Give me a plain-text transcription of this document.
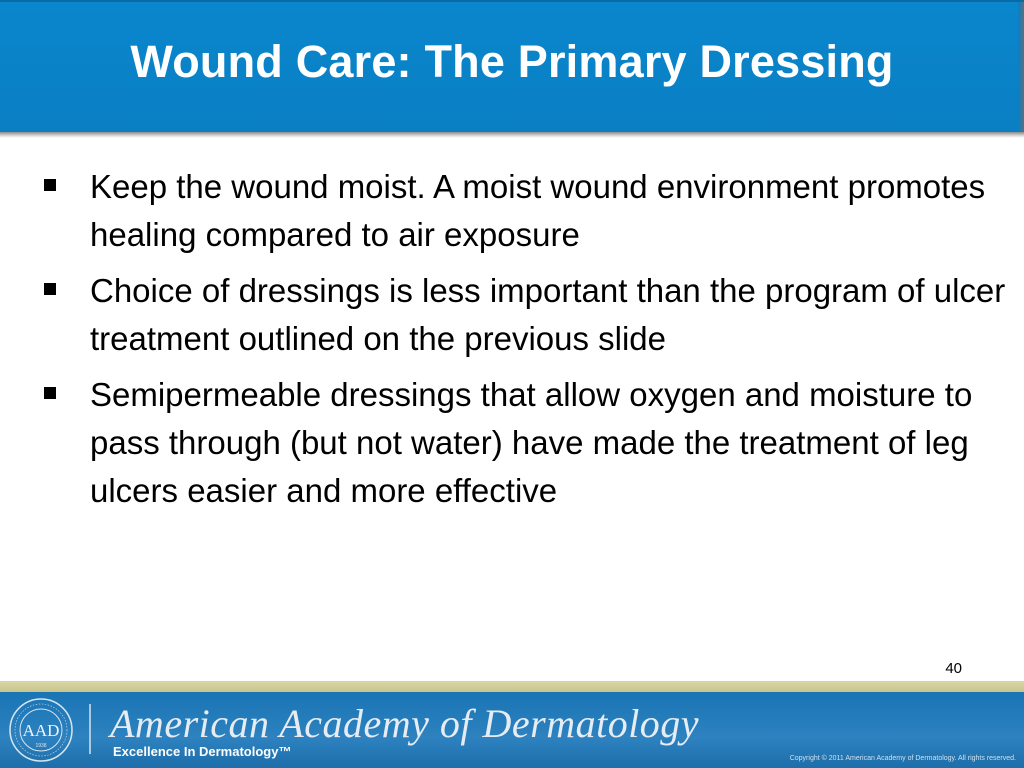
Wound Care: The Primary Dressing
Keep the wound moist. A moist wound environment promotes healing compared to air exposure
Choice of dressings is less important than the program of ulcer treatment outlined on the previous slide
Semipermeable dressings that allow oxygen and moisture to pass through (but not water) have made the treatment of leg ulcers easier and more effective
40
AAD
1938 American Academy of Dermatology
Excellence In Dermatology™	Copyright © 2011 American Academy of Dermatology. All rights reserved.
